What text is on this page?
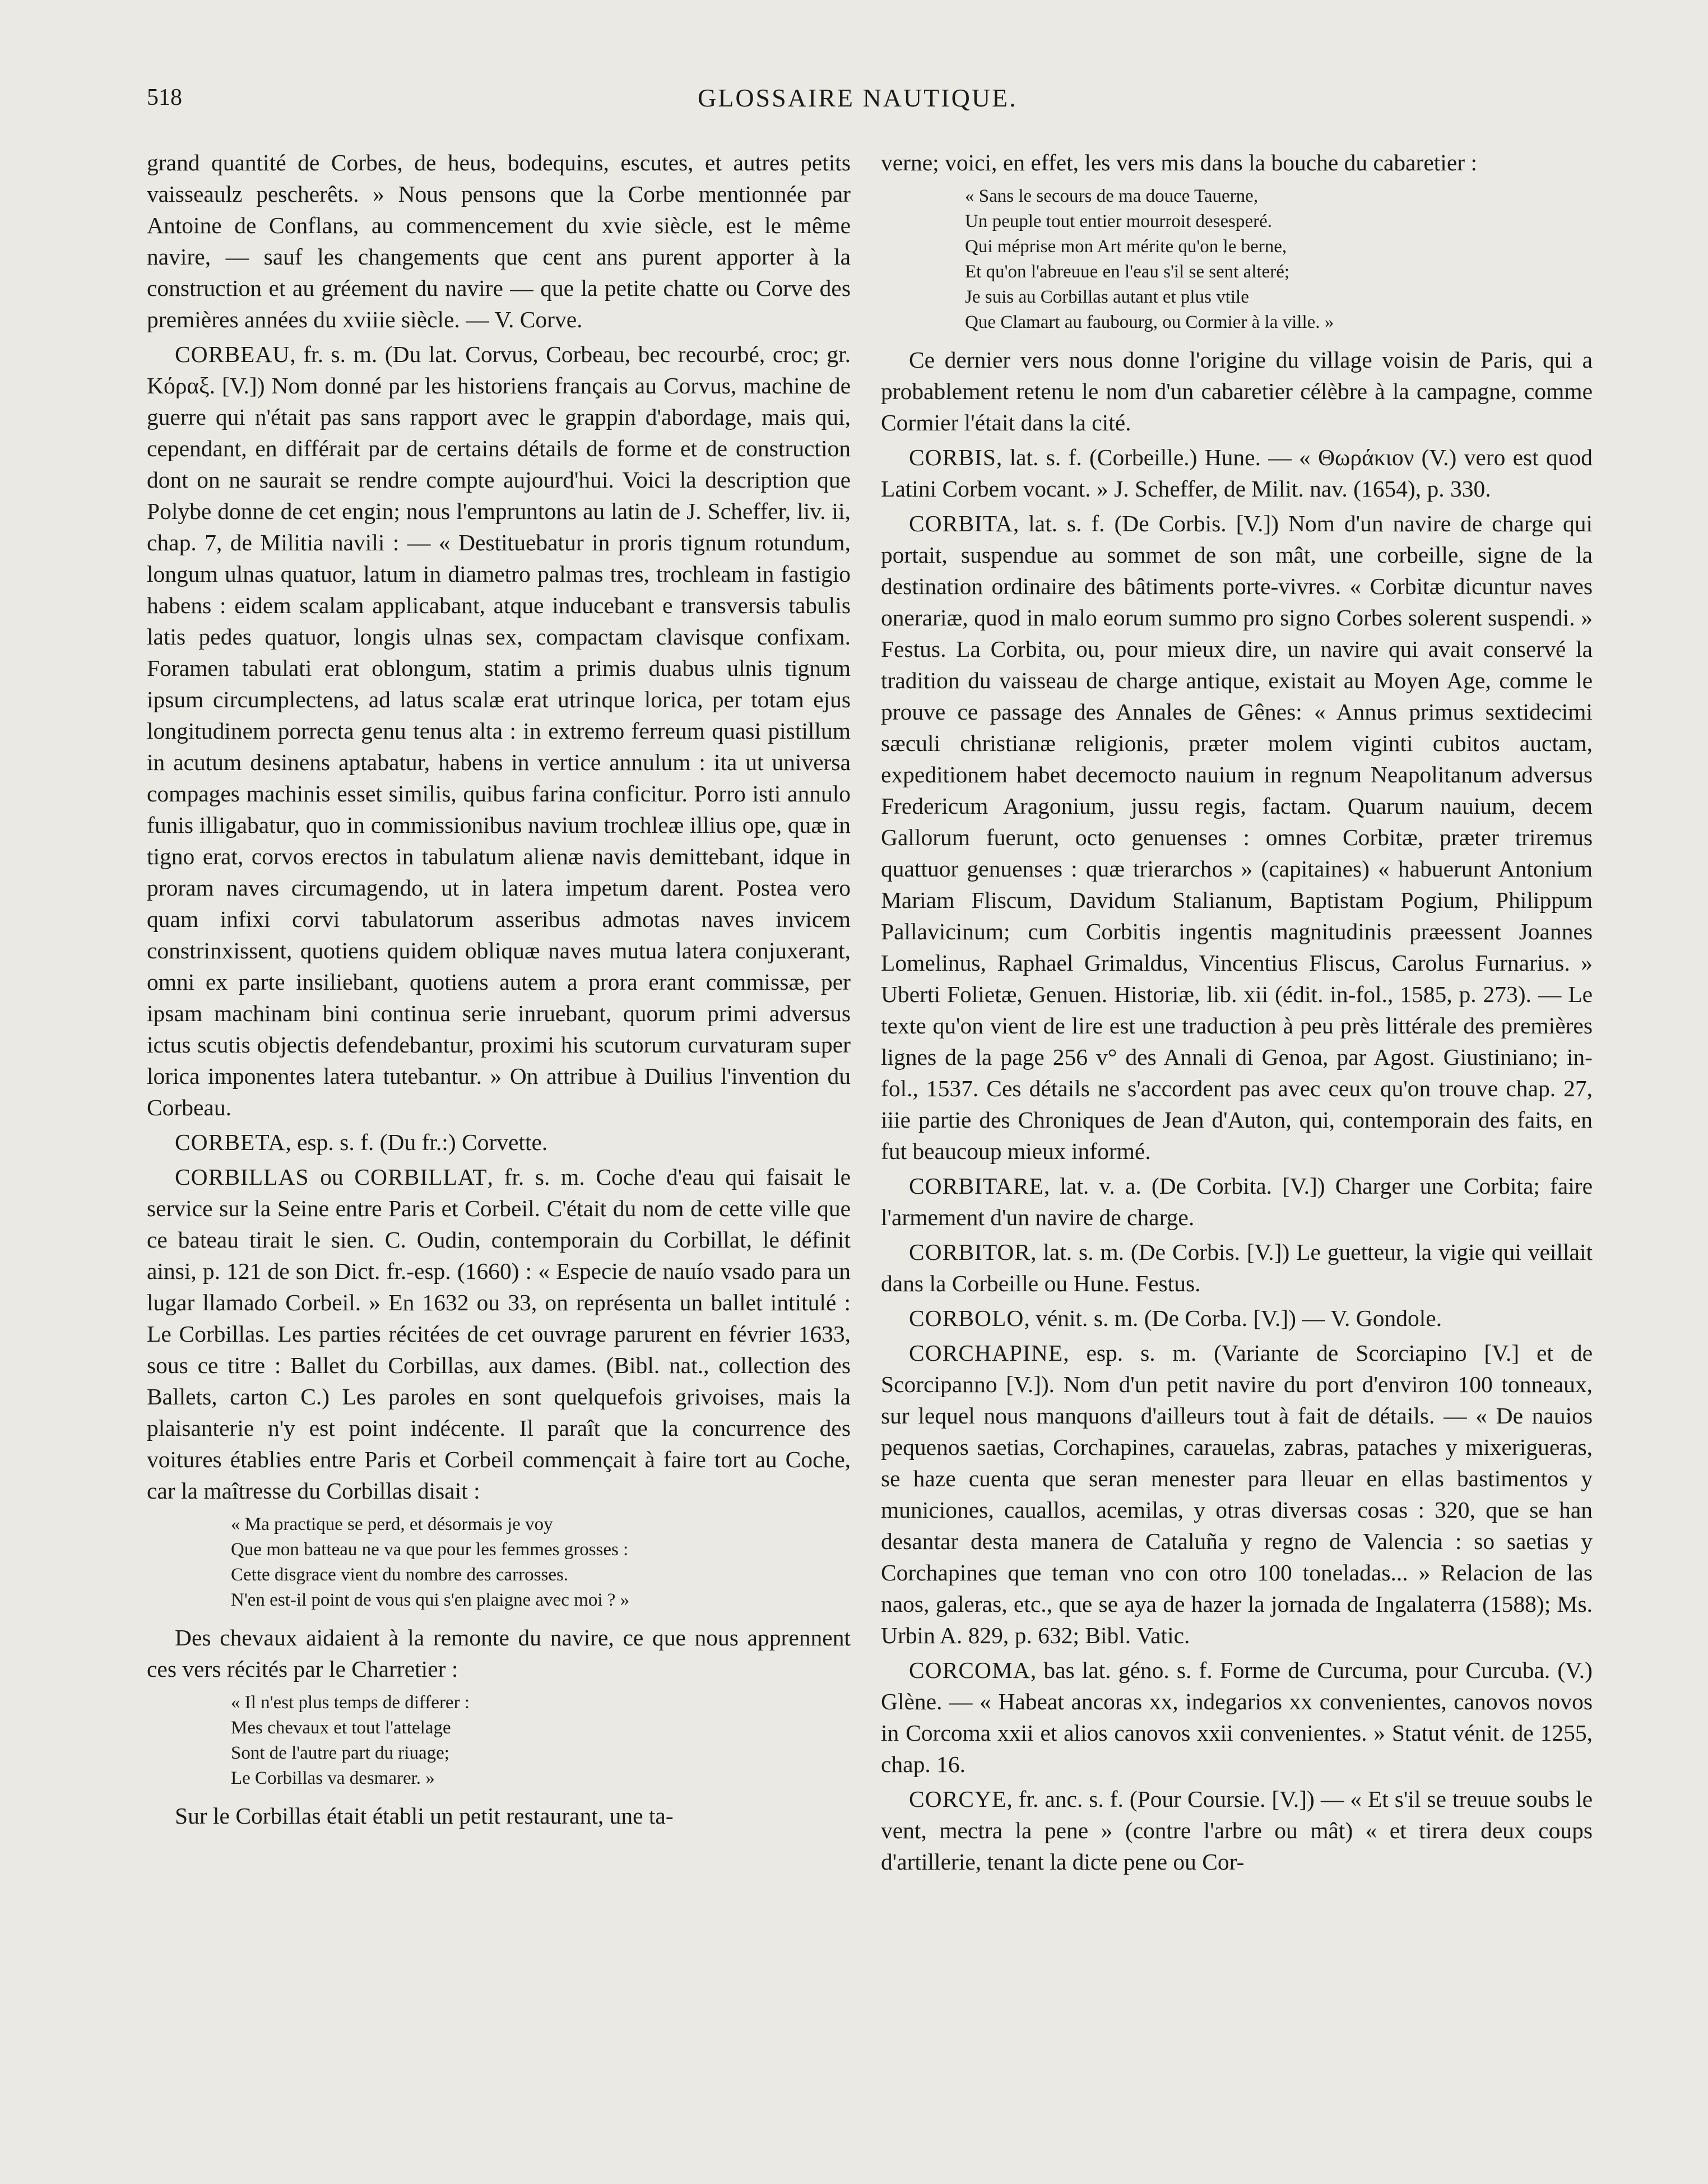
518	GLOSSAIRE NAUTIQUE.

grand quantité de Corbes, de heus, bodequins, escutes, et autres petits vaisseaulz pescherêts. » Nous pensons que la Corbe mentionnée par Antoine de Conflans, au commencement du xvie siècle, est le même navire, — sauf les changements que cent ans purent apporter à la construction et au gréement du navire — que la petite chatte ou Corve des premières années du xviiie siècle. — V. Corve.

CORBEAU, fr. s. m. (Du lat. Corvus, Corbeau, bec recourbé, croc; gr. Κόραξ. [V.]) Nom donné par les historiens français au Corvus, machine de guerre qui n'était pas sans rapport avec le grappin d'abordage, mais qui, cependant, en différait par de certains détails de forme et de construction dont on ne saurait se rendre compte aujourd'hui. Voici la description que Polybe donne de cet engin; nous l'empruntons au latin de J. Scheffer, liv. ii, chap. 7, de Militia navili : — « Destituebatur in proris tignum rotundum, longum ulnas quatuor, latum in diametro palmas tres, trochleam in fastigio habens : eidem scalam applicabant, atque inducebant e transversis tabulis latis pedes quatuor, longis ulnas sex, compactam clavisque confixam. Foramen tabulati erat oblongum, statim a primis duabus ulnis tignum ipsum circumplectens, ad latus scalæ erat utrinque lorica, per totam ejus longitudinem porrecta genu tenus alta : in extremo ferreum quasi pistillum in acutum desinens aptabatur, habens in vertice annulum : ita ut universa compages machinis esset similis, quibus farina conficitur. Porro isti annulo funis illigabatur, quo in commissionibus navium trochleæ illius ope, quæ in tigno erat, corvos erectos in tabulatum alienæ navis demittebant, idque in proram naves circumagendo, ut in latera impetum darent. Postea vero quam infixi corvi tabulatorum asseribus admotas naves invicem constrinxissent, quotiens quidem obliquæ naves mutua latera conjuxerant, omni ex parte insiliebant, quotiens autem a prora erant commissæ, per ipsam machinam bini continua serie inruebant, quorum primi adversus ictus scutis objectis defendebantur, proximi his scutorum curvaturam super lorica imponentes latera tutebantur. » On attribue à Duilius l'invention du Corbeau.

CORBETA, esp. s. f. (Du fr.:) Corvette.

CORBILLAS ou CORBILLAT, fr. s. m. Coche d'eau qui faisait le service sur la Seine entre Paris et Corbeil. C'était du nom de cette ville que ce bateau tirait le sien. C. Oudin, contemporain du Corbillat, le définit ainsi, p. 121 de son Dict. fr.-esp. (1660) : « Especie de nauío vsado para un lugar llamado Corbeil. » En 1632 ou 33, on représenta un ballet intitulé : Le Corbillas. Les parties récitées de cet ouvrage parurent en février 1633, sous ce titre : Ballet du Corbillas, aux dames. (Bibl. nat., collection des Ballets, carton C.) Les paroles en sont quelquefois grivoises, mais la plaisanterie n'y est point indécente. Il paraît que la concurrence des voitures établies entre Paris et Corbeil commençait à faire tort au Coche, car la maîtresse du Corbillas disait :

« Ma practique se perd, et désormais je voy
Que mon batteau ne va que pour les femmes grosses :
Cette disgrace vient du nombre des carrosses.
N'en est-il point de vous qui s'en plaigne avec moi ? »

Des chevaux aidaient à la remonte du navire, ce que nous apprennent ces vers récités par le Charretier :

« Il n'est plus temps de differer :
Mes chevaux et tout l'attelage
Sont de l'autre part du riuage;
Le Corbillas va desmarer. »

Sur le Corbillas était établi un petit restaurant, une ta-

verne; voici, en effet, les vers mis dans la bouche du cabaretier :

« Sans le secours de ma douce Tauerne,
Un peuple tout entier mourroit desesperé.
Qui méprise mon Art mérite qu'on le berne,
Et qu'on l'abreuue en l'eau s'il se sent alteré;
Je suis au Corbillas autant et plus vtile
Que Clamart au faubourg, ou Cormier à la ville. »

Ce dernier vers nous donne l'origine du village voisin de Paris, qui a probablement retenu le nom d'un cabaretier célèbre à la campagne, comme Cormier l'était dans la cité.

CORBIS, lat. s. f. (Corbeille.) Hune. — « Θωράκιον (V.) vero est quod Latini Corbem vocant. » J. Scheffer, de Milit. nav. (1654), p. 330.

CORBITA, lat. s. f. (De Corbis. [V.]) Nom d'un navire de charge qui portait, suspendue au sommet de son mât, une corbeille, signe de la destination ordinaire des bâtiments porte-vivres. « Corbitæ dicuntur naves onerariæ, quod in malo eorum summo pro signo Corbes solerent suspendi. » Festus. La Corbita, ou, pour mieux dire, un navire qui avait conservé la tradition du vaisseau de charge antique, existait au Moyen Age, comme le prouve ce passage des Annales de Gênes: « Annus primus sextidecimi sæculi christianæ religionis, præter molem viginti cubitos auctam, expeditionem habet decemocto nauium in regnum Neapolitanum adversus Fredericum Aragonium, jussu regis, factam. Quarum nauium, decem Gallorum fuerunt, octo genuenses : omnes Corbitæ, præter triremus quattuor genuenses : quæ trierarchos » (capitaines) « habuerunt Antonium Mariam Fliscum, Davidum Stalianum, Baptistam Pogium, Philippum Pallavicinum; cum Corbitis ingentis magnitudinis præessent Joannes Lomelinus, Raphael Grimaldus, Vincentius Fliscus, Carolus Furnarius. » Uberti Folietæ, Genuen. Historiæ, lib. xii (édit. in-fol., 1585, p. 273). — Le texte qu'on vient de lire est une traduction à peu près littérale des premières lignes de la page 256 v° des Annali di Genoa, par Agost. Giustiniano; in-fol., 1537. Ces détails ne s'accordent pas avec ceux qu'on trouve chap. 27, iiie partie des Chroniques de Jean d'Auton, qui, contemporain des faits, en fut beaucoup mieux informé.

CORBITARE, lat. v. a. (De Corbita. [V.]) Charger une Corbita; faire l'armement d'un navire de charge.

CORBITOR, lat. s. m. (De Corbis. [V.]) Le guetteur, la vigie qui veillait dans la Corbeille ou Hune. Festus.

CORBOLO, vénit. s. m. (De Corba. [V.]) — V. Gondole.

CORCHAPINE, esp. s. m. (Variante de Scorciapino [V.] et de Scorcipanno [V.]). Nom d'un petit navire du port d'environ 100 tonneaux, sur lequel nous manquons d'ailleurs tout à fait de détails. — « De nauios pequenos saetias, Corchapines, carauelas, zabras, pataches y mixerigueras, se haze cuenta que seran menester para lleuar en ellas bastimentos y municiones, cauallos, acemilas, y otras diversas cosas : 320, que se han desantar desta manera de Cataluña y regno de Valencia : so saetias y Corchapines que teman vno con otro 100 toneladas... » Relacion de las naos, galeras, etc., que se aya de hazer la jornada de Ingalaterra (1588); Ms. Urbin A. 829, p. 632; Bibl. Vatic.

CORCOMA, bas lat. géno. s. f. Forme de Curcuma, pour Curcuba. (V.) Glène. — « Habeat ancoras xx, indegarios xx convenientes, canovos novos in Corcoma xxii et alios canovos xxii convenientes. » Statut vénit. de 1255, chap. 16.

CORCYE, fr. anc. s. f. (Pour Coursie. [V.]) — « Et s'il se treuue soubs le vent, mectra la pene » (contre l'arbre ou mât) « et tirera deux coups d'artillerie, tenant la dicte pene ou Cor-
